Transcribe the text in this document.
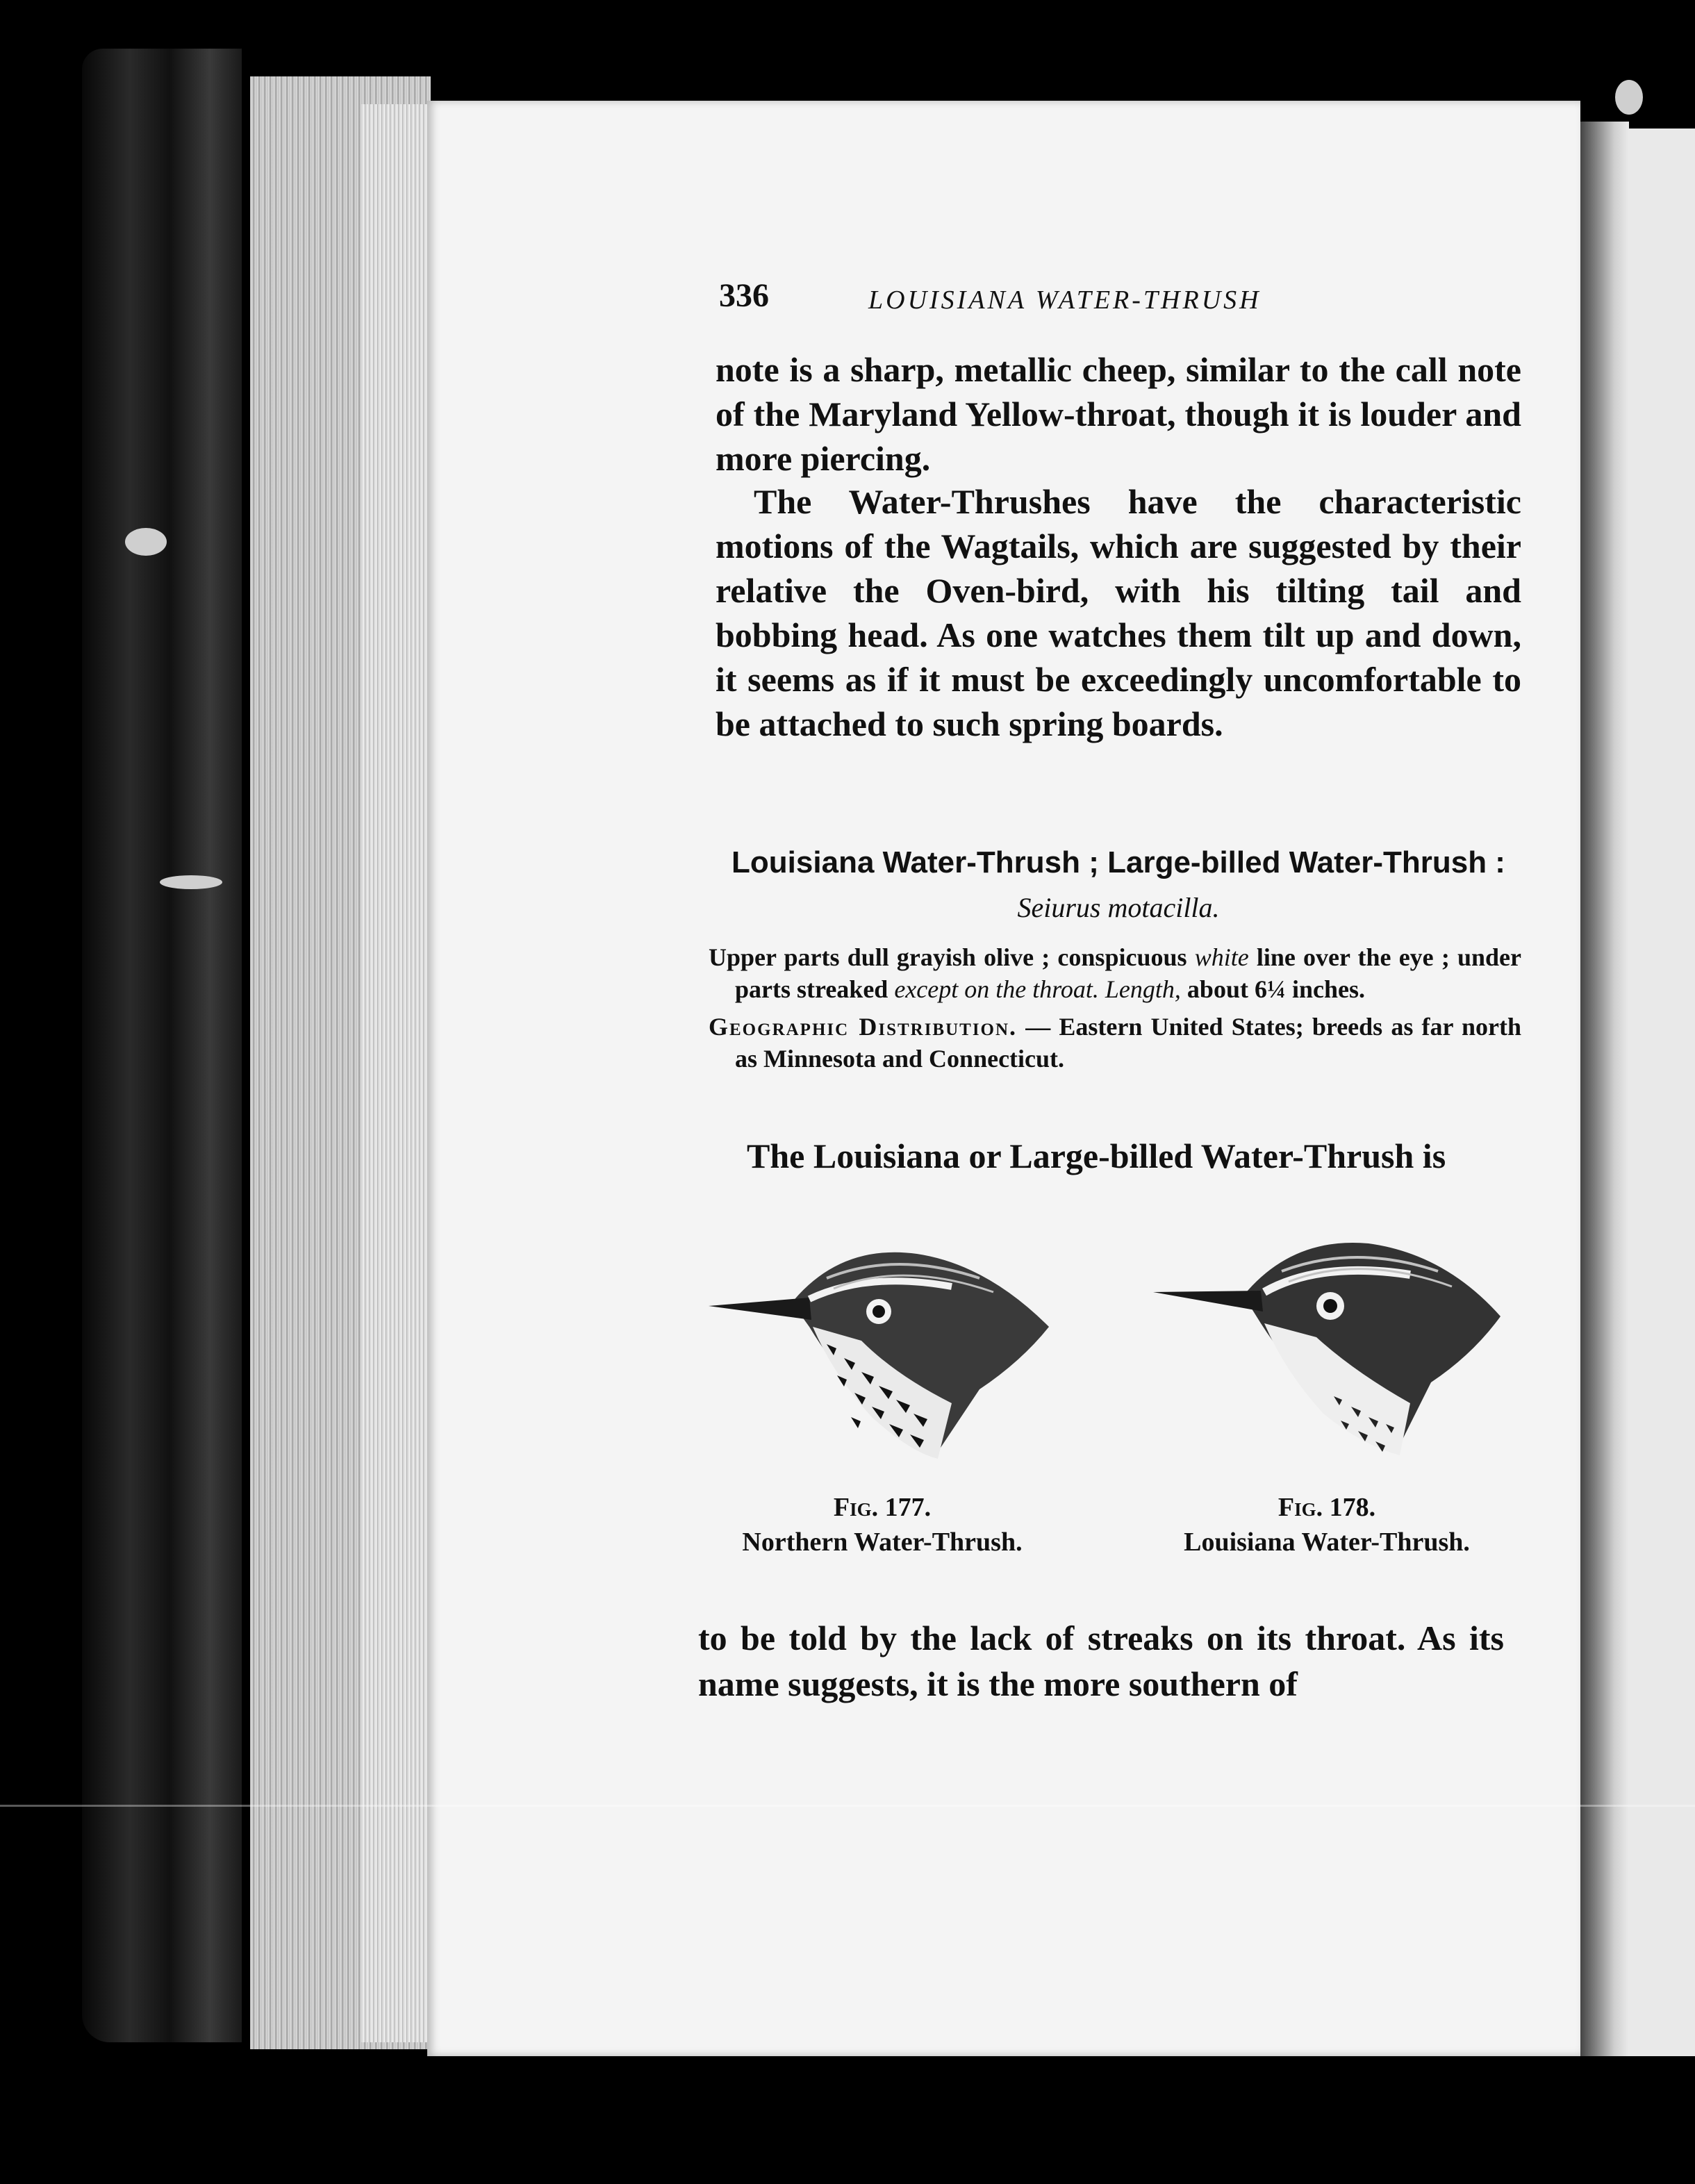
336	LOUISIANA WATER-THRUSH
note is a sharp, metallic cheep, similar to the call note of the Maryland Yellow-throat, though it is louder and more piercing.
The Water-Thrushes have the characteristic motions of the Wagtails, which are suggested by their relative the Oven-bird, with his tilting tail and bobbing head. As one watches them tilt up and down, it seems as if it must be exceedingly uncomfortable to be attached to such spring boards.
Louisiana Water-Thrush ; Large-billed Water-Thrush : Seiurus motacilla.

Upper parts dull grayish olive ; conspicuous white line over the eye ; under parts streaked except on the throat. Length, about 6¼ inches.

Geographic Distribution. — Eastern United States; breeds as far north as Minnesota and Connecticut.

The Louisiana or Large-billed Water-Thrush is
Fig. 177.
Northern Water-Thrush.
Fig. 178.
Louisiana Water-Thrush.
to be told by the lack of streaks on its throat. As its name suggests, it is the more southern of
